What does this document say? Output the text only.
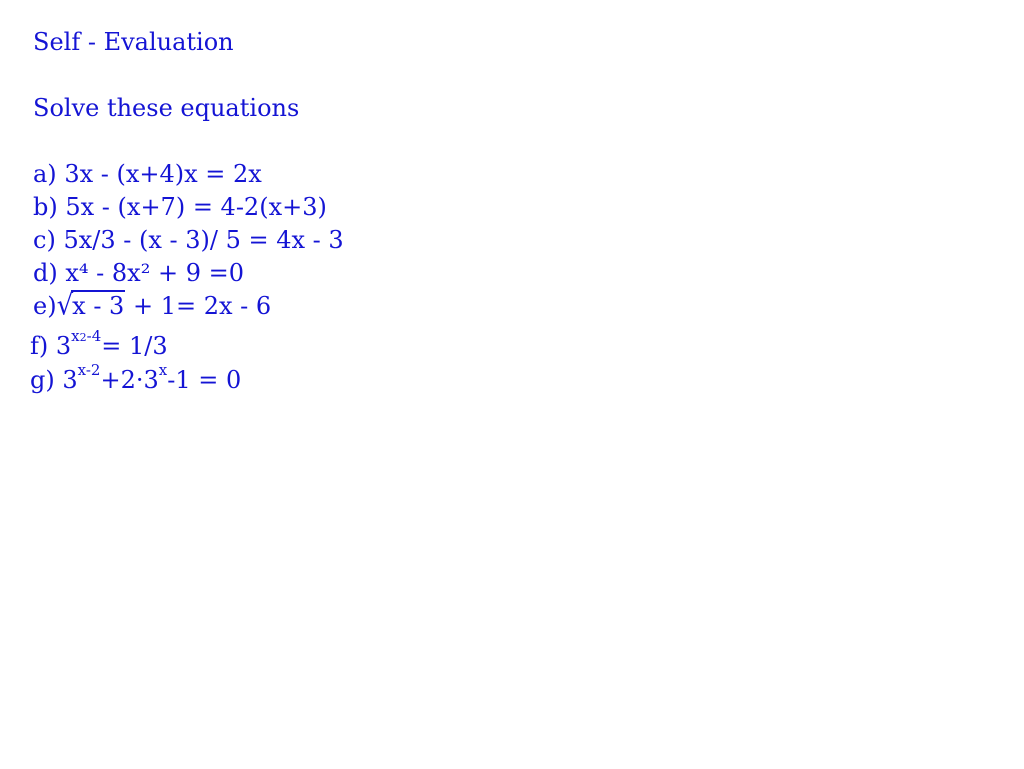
Self - Evaluation
Solve these equations
a) 3x - (x+4)x = 2x
b) 5x - (x+7) = 4-2(x+3)
c) 5x/3 - (x - 3)/ 5 = 4x - 3
d) x⁴ - 8x² + 9 =0
e)√x - 3 + 1= 2x - 6
f) $3^{x2-4}= 1/3$
g) $3^{x-2}+2\cdot 3^x-1 = 0$
